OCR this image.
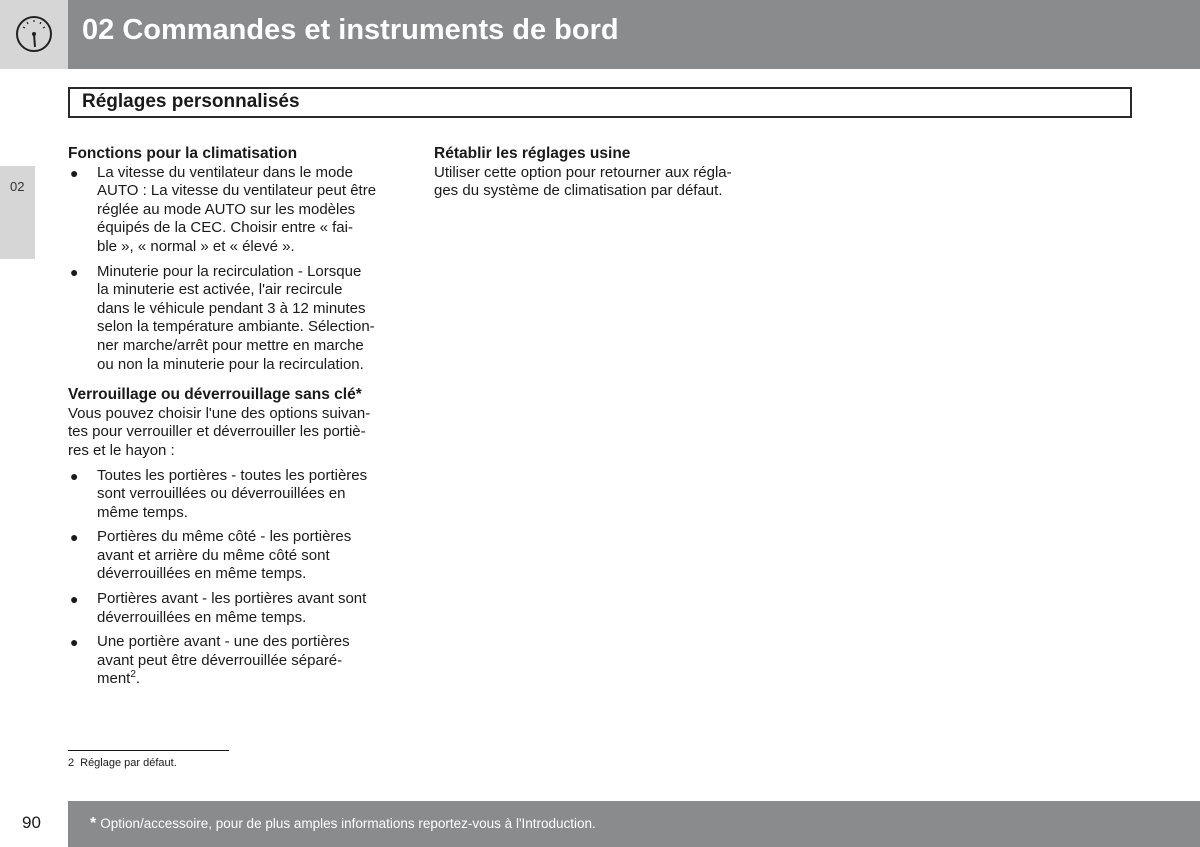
02 Commandes et instruments de bord
Réglages personnalisés
02
Fonctions pour la climatisation
● La vitesse du ventilateur dans le mode
AUTO : La vitesse du ventilateur peut être
réglée au mode AUTO sur les modèles
équipés de la CEC. Choisir entre « fai-
ble », « normal » et « élevé ».
● Minuterie pour la recirculation - Lorsque
la minuterie est activée, l'air recircule
dans le véhicule pendant 3 à 12 minutes
selon la température ambiante. Sélection-
ner marche/arrêt pour mettre en marche
ou non la minuterie pour la recirculation.
Verrouillage ou déverrouillage sans clé*

Vous pouvez choisir l'une des options suivan-
tes pour verrouiller et déverrouiller les portiè-
res et le hayon :

● Toutes les portières - toutes les portières
sont verrouillées ou déverrouillées en
même temps.
● Portières du même côté - les portières
avant et arrière du même côté sont
déverrouillées en même temps.
● Portières avant - les portières avant sont
déverrouillées en même temps.
● Une portière avant - une des portières
avant peut être déverrouillée séparé-
ment$^2$.
Rétablir les réglages usine

Utiliser cette option pour retourner aux régla-
ges du système de climatisation par défaut.

2 Réglage par défaut.
90	* Option/accessoire, pour de plus amples informations reportez-vous à l'Introduction.
